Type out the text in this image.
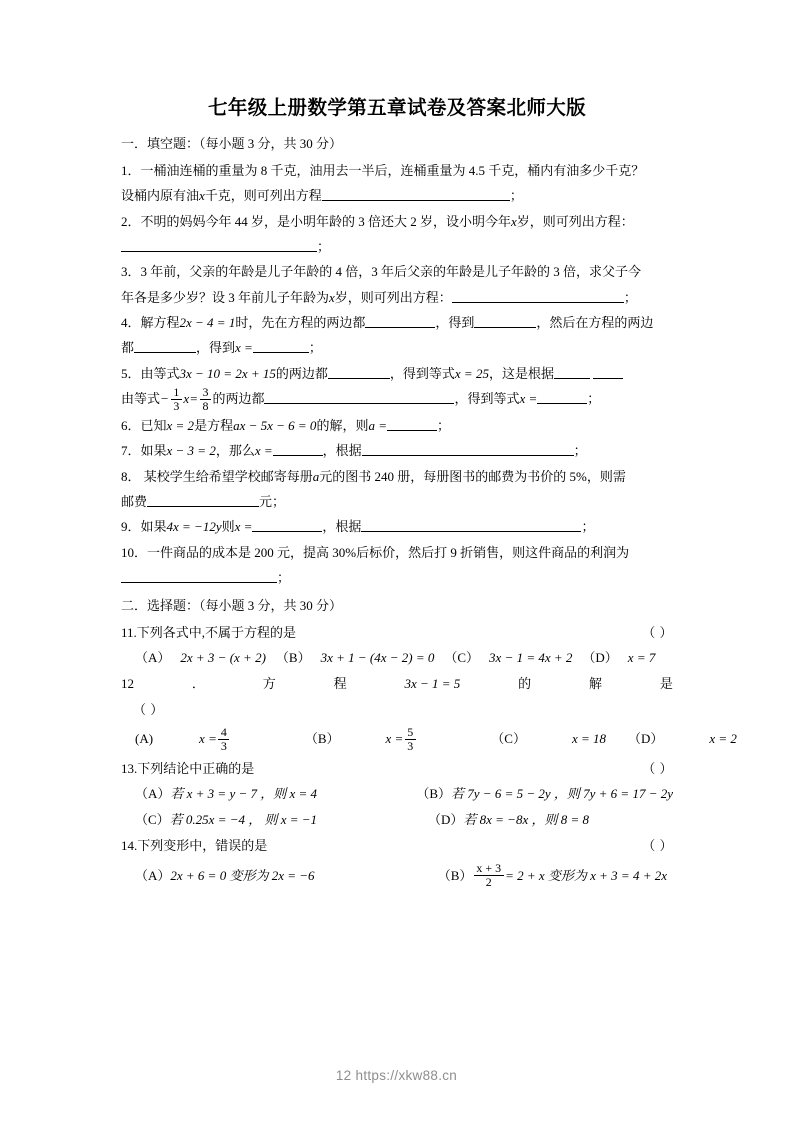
七年级上册数学第五章试卷及答案北师大版
一．填空题：（每小题 3 分，共 30 分）
1．一桶油连桶的重量为 8 千克，油用去一半后，连桶重量为 4.5 千克，桶内有油多少千克？
设桶内原有油x千克，则可列出方程	；
2．不明的妈妈今年 44 岁，是小明年龄的 3 倍还大 2 岁，设小明今年x岁，则可列出方程：
；
3．3 年前，父亲的年龄是儿子年龄的 4 倍，3 年后父亲的年龄是儿子年龄的 3 倍，求父子今
年各是多少岁？设 3 年前儿子年龄为x岁，则可列出方程：	；
4．解方程2x − 4 = 1时，先在方程的两边都	，得到	，然后在方程的两边
都	，得到x =	；
5．由等式3x − 10 = 2x + 15的两边都	，得到等式x = 25，这是根据
由等式− $\frac{1}{3} x= \frac{3}{8}$ 的两边都	，得到等式x =	；
6．已知x = 2是方程ax − 5x − 6 = 0的解，则a =	；
7．如果x − 3 = 2，那么x =	，根据	；
8． 某校学生给希望学校邮寄每册a元的图书 240 册，每册图书的邮费为书价的 5%，则需
邮费	元；
9．如果4x = −12y则x =	，根据	；
10．一件商品的成本是 200 元，提高 30%后标价，然后打 9 折销售，则这件商品的利润为
；
二．选择题：（每小题 3 分，共 30 分）
11.下列各式中,不属于方程的是	（ ）
（A） 2x + 3 − (x + 2) （B） 3x + 1 − (4x − 2) = 0 （C） 3x − 1 = 4x + 2 （D） x = 7
12	．	方	程	3x − 1 = 5	的	解	是
（ ）
(A)	$x = \frac{4}{3}$	（B）	$x = \frac{5}{3}$	（C）	x = 18 （D）	x = 2
13.下列结论中正确的是	（ ）
（A） 若 x + 3 = y − 7 ，则 x = 4	（B） 若 7y − 6 = 5 − 2y ，则 7y + 6 = 17 − 2y
（C） 若 0.25x = −4 ， 则 x = −1	（D） 若 8x = −8x ，则 8 = 8
14.下列变形中，错误的是	（ ）
（A） 2x + 6 = 0 变形为 2x = −6	$(B) \frac{x + 3}{2} = 2 + x$ 变形为 x + 3 = 4 + 2x
12 https://xkw88.cn
